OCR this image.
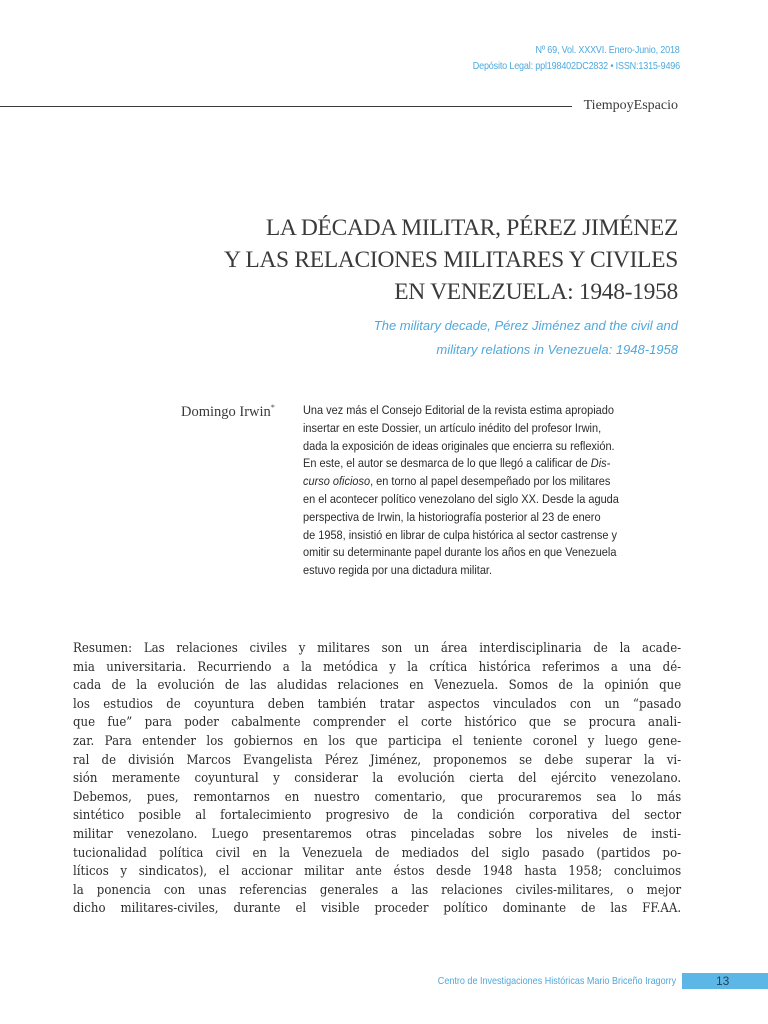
Nº 69, Vol. XXXVI. Enero-Junio, 2018
Depósito Legal: ppl198402DC2832 • ISSN:1315-9496
TiempoyEspacio
LA DÉCADA MILITAR, PÉREZ JIMÉNEZ
Y LAS RELACIONES MILITARES Y CIVILES
EN VENEZUELA: 1948-1958
The military decade, Pérez Jiménez and the civil and
military relations in Venezuela: 1948-1958
Domingo Irwin* Una vez más el Consejo Editorial de la revista estima apropiado
insertar en este Dossier, un artículo inédito del profesor Irwin,
dada la exposición de ideas originales que encierra su reflexión.
En este, el autor se desmarca de lo que llegó a calificar de Dis-
curso oficioso, en torno al papel desempeñado por los militares
en el acontecer político venezolano del siglo XX. Desde la aguda
perspectiva de Irwin, la historiografía posterior al 23 de enero
de 1958, insistió en librar de culpa histórica al sector castrense y
omitir su determinante papel durante los años en que Venezuela
estuvo regida por una dictadura militar.
Resumen: Las relaciones civiles y militares son un área interdisciplinaria de la acade-
mia universitaria. Recurriendo a la metódica y la crítica histórica referimos a una dé-
cada de la evolución de las aludidas relaciones en Venezuela. Somos de la opinión que
los estudios de coyuntura deben también tratar aspectos vinculados con un “pasado
que fue” para poder cabalmente comprender el corte histórico que se procura anali-
zar. Para entender los gobiernos en los que participa el teniente coronel y luego gene-
ral de división Marcos Evangelista Pérez Jiménez, proponemos se debe superar la vi-
sión meramente coyuntural y considerar la evolución cierta del ejército venezolano.
Debemos, pues, remontarnos en nuestro comentario, que procuraremos sea lo más
sintético posible al fortalecimiento progresivo de la condición corporativa del sector
militar venezolano. Luego presentaremos otras pinceladas sobre los niveles de insti-
tucionalidad política civil en la Venezuela de mediados del siglo pasado (partidos po-
líticos y sindicatos), el accionar militar ante éstos desde 1948 hasta 1958; concluimos
la ponencia con unas referencias generales a las relaciones civiles-militares, o mejor
dicho militares-civiles, durante el visible proceder político dominante de las FF.AA.
Centro de Investigaciones Históricas Mario Briceño Iragorry	13
